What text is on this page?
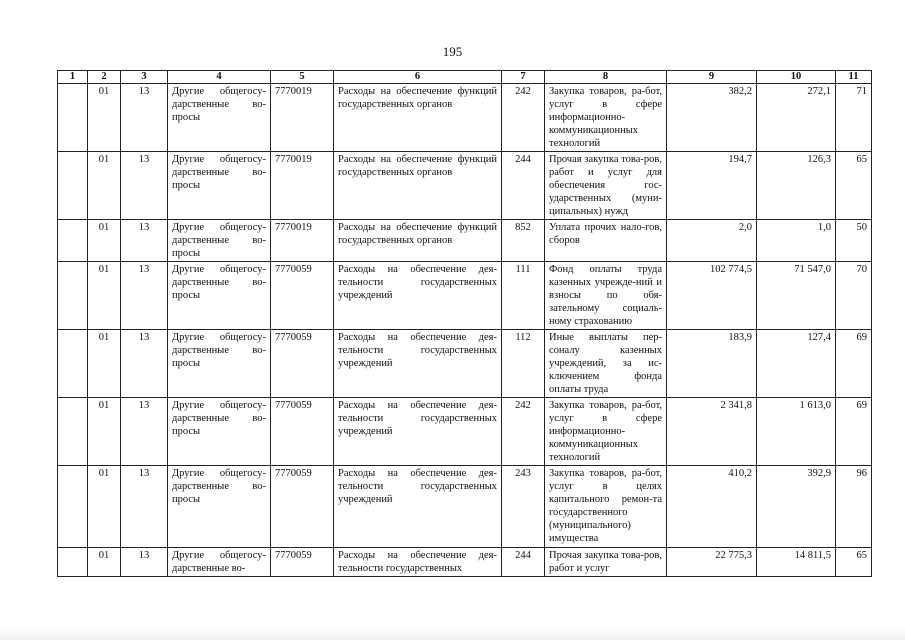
195
1	2	3	4	5	6	7	8	9	10	11
	01	13	Другие общегосу-дарственные во-просы	7770019	Расходы на обеспечение функций государственных органов	242	Закупка товаров, ра-бот, услуг в сфере информационно-коммуникационных технологий	382,2	272,1	71
	01	13	Другие общегосу-дарственные во-просы	7770019	Расходы на обеспечение функций государственных органов	244	Прочая закупка това-ров, работ и услуг для обеспечения гос-ударственных (муни-ципальных) нужд	194,7	126,3	65
	01	13	Другие общегосу-дарственные во-просы	7770019	Расходы на обеспечение функций государственных органов	852	Уплата прочих нало-гов, сборов	2,0	1,0	50
	01	13	Другие общегосу-дарственные во-просы	7770059	Расходы на обеспечение дея-тельности государственных учреждений	111	Фонд оплаты труда казенных учрежде-ний и взносы по обя-зательному социаль-ному страхованию	102 774,5	71 547,0	70
	01	13	Другие общегосу-дарственные во-просы	7770059	Расходы на обеспечение дея-тельности государственных учреждений	112	Иные выплаты пер-соналу казенных учреждений, за ис-ключением фонда оплаты труда	183,9	127,4	69
	01	13	Другие общегосу-дарственные во-просы	7770059	Расходы на обеспечение дея-тельности государственных учреждений	242	Закупка товаров, ра-бот, услуг в сфере информационно-коммуникационных технологий	2 341,8	1 613,0	69
	01	13	Другие общегосу-дарственные во-просы	7770059	Расходы на обеспечение дея-тельности государственных учреждений	243	Закупка товаров, ра-бот, услуг в целях капитального ремон-та государственного (муниципального) имущества	410,2	392,9	96
	01	13	Другие общегосу-дарственные во-	7770059	Расходы на обеспечение дея-тельности государственных	244	Прочая закупка това-ров, работ и услуг	22 775,3	14 811,5	65
